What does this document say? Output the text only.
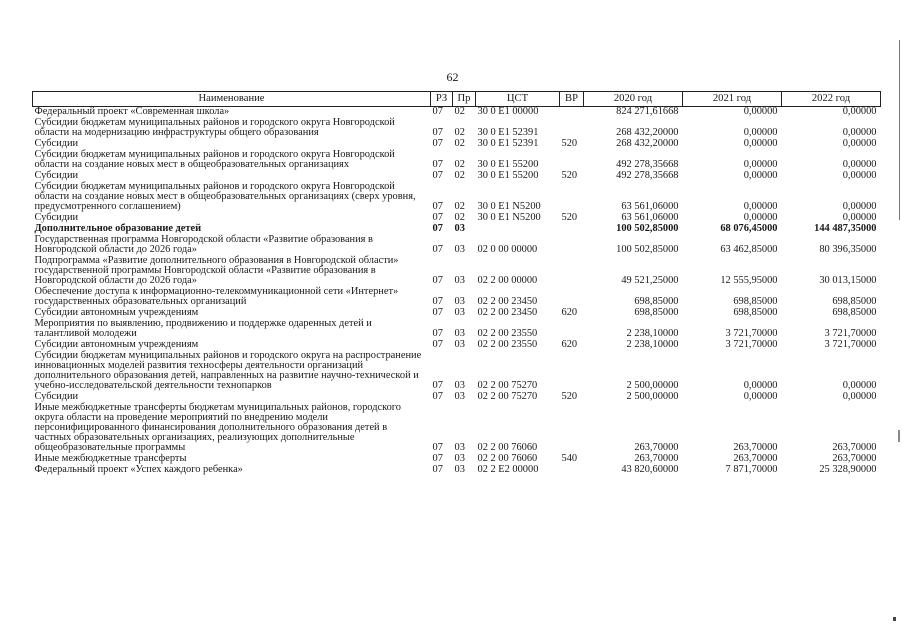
62
Наименование	РЗ	Пр	ЦСТ	ВР	2020 год	2021 год	2022 год
Федеральный проект «Современная школа»	07	02	30 0 E1 00000		824 271,61668	0,00000	0,00000
Субсидии бюджетам муниципальных районов и городского округа Новгородской области на модернизацию инфраструктуры общего образования	07	02	30 0 E1 52391		268 432,20000	0,00000	0,00000
Субсидии	07	02	30 0 E1 52391	520	268 432,20000	0,00000	0,00000
Субсидии бюджетам муниципальных районов и городского округа Новгородской области на создание новых мест в общеобразовательных организациях	07	02	30 0 E1 55200		492 278,35668	0,00000	0,00000
Субсидии	07	02	30 0 E1 55200	520	492 278,35668	0,00000	0,00000
Субсидии бюджетам муниципальных районов и городского округа Новгородской области на создание новых мест в общеобразовательных организациях (сверх уровня, предусмотренного соглашением)	07	02	30 0 E1 N5200		63 561,06000	0,00000	0,00000
Субсидии	07	02	30 0 E1 N5200	520	63 561,06000	0,00000	0,00000
Дополнительное образование детей	07	03			100 502,85000	68 076,45000	144 487,35000
Государственная программа Новгородской области «Развитие образования в Новгородской области до 2026 года»	07	03	02 0 00 00000		100 502,85000	63 462,85000	80 396,35000
Подпрограмма «Развитие дополнительного образования в Новгородской области» государственной программы Новгородской области «Развитие образования в Новгородской области до 2026 года»	07	03	02 2 00 00000		49 521,25000	12 555,95000	30 013,15000
Обеспечение доступа к информационно-телекоммуникационной сети «Интернет» государственных образовательных организаций	07	03	02 2 00 23450		698,85000	698,85000	698,85000
Субсидии автономным учреждениям	07	03	02 2 00 23450	620	698,85000	698,85000	698,85000
Мероприятия по выявлению, продвижению и поддержке одаренных детей и талантливой молодежи	07	03	02 2 00 23550		2 238,10000	3 721,70000	3 721,70000
Субсидии автономным учреждениям	07	03	02 2 00 23550	620	2 238,10000	3 721,70000	3 721,70000
Субсидии бюджетам муниципальных районов и городского округа на распространение инновационных моделей развития техносферы деятельности организаций дополнительного образования детей, направленных на развитие научно-технической и учебно-исследовательской деятельности технопарков	07	03	02 2 00 75270		2 500,00000	0,00000	0,00000
Субсидии	07	03	02 2 00 75270	520	2 500,00000	0,00000	0,00000
Иные межбюджетные трансферты бюджетам муниципальных районов, городского округа области на проведение мероприятий по внедрению модели персонифицированного финансирования дополнительного образования детей в частных образовательных организациях, реализующих дополнительные общеобразовательные программы	07	03	02 2 00 76060		263,70000	263,70000	263,70000
Иные межбюджетные трансферты	07	03	02 2 00 76060	540	263,70000	263,70000	263,70000
Федеральный проект «Успех каждого ребенка»	07	03	02 2 E2 00000		43 820,60000	7 871,70000	25 328,90000
